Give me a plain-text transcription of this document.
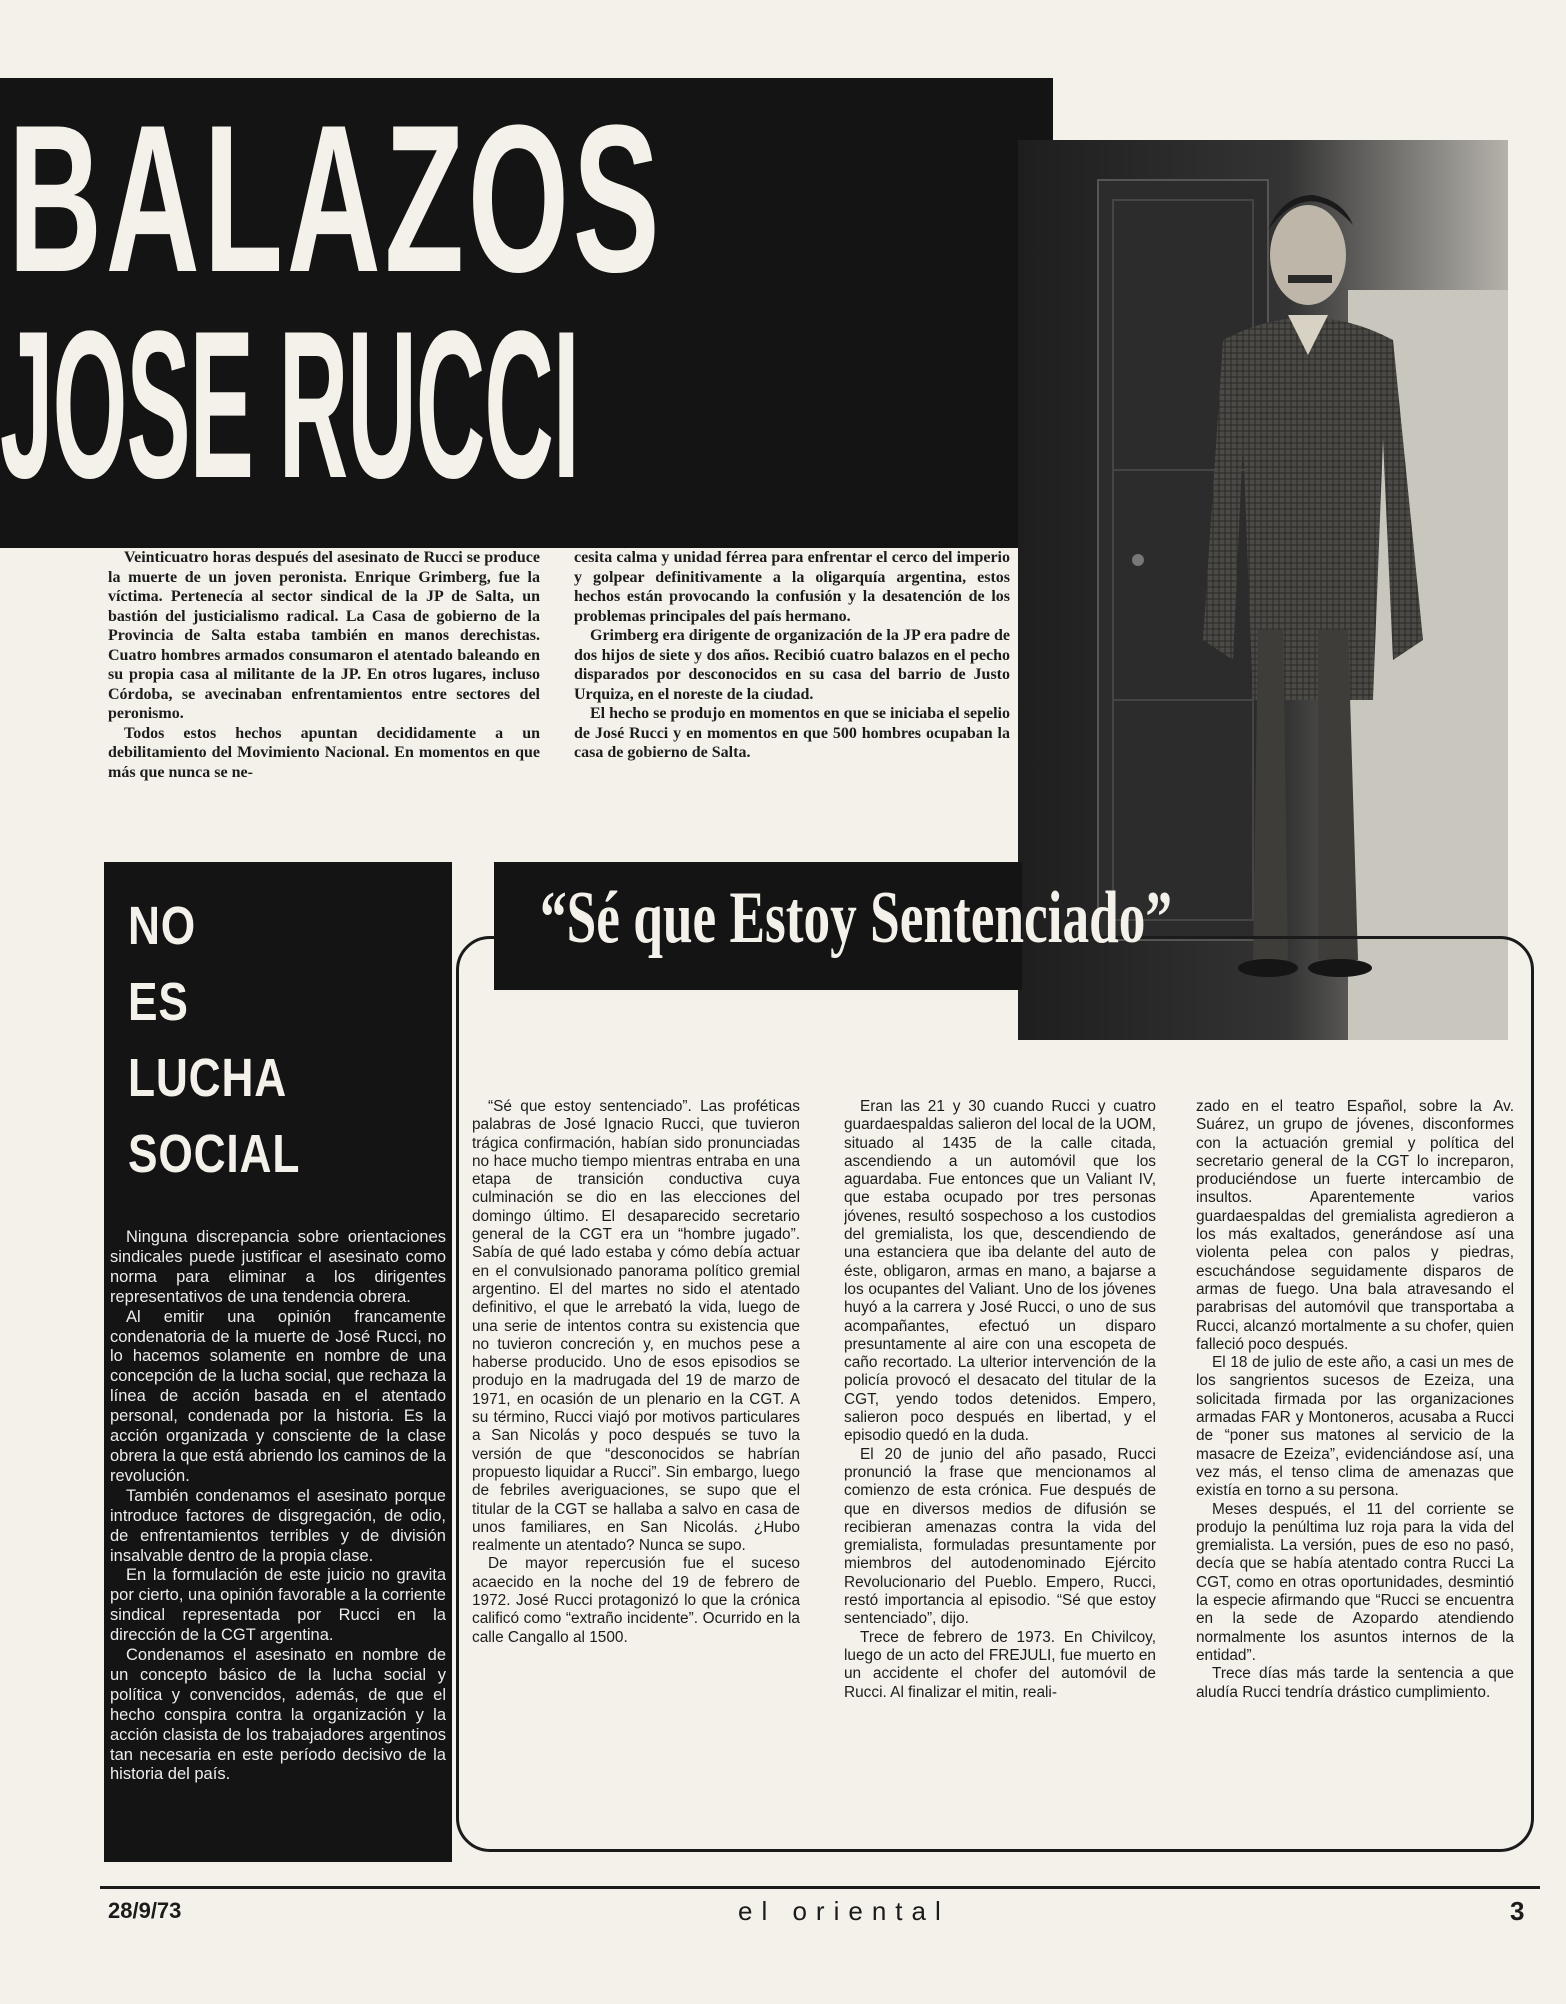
BALAZOS
JOSE RUCCI

Veinticuatro horas después del asesinato de Rucci se produce la muerte de un joven peronista. Enrique Grimberg, fue la víctima. Pertenecía al sector sindical de la JP de Salta, un bastión del justicialismo radical. La Casa de gobierno de la Provincia de Salta estaba también en manos derechistas. Cuatro hombres armados consumaron el atentado baleando en su propia casa al militante de la JP. En otros lugares, incluso Córdoba, se avecinaban enfrentamientos entre sectores del peronismo.

Todos estos hechos apuntan decididamente a un debilitamiento del Movimiento Nacional. En momentos en que más que nunca se ne-

cesita calma y unidad férrea para enfrentar el cerco del imperio y golpear definitivamente a la oligarquía argentina, estos hechos están provocando la confusión y la desatención de los problemas principales del país hermano.

Grimberg era dirigente de organización de la JP era padre de dos hijos de siete y dos años. Recibió cuatro balazos en el pecho disparados por desconocidos en su casa del barrio de Justo Urquiza, en el noreste de la ciudad.

El hecho se produjo en momentos en que se iniciaba el sepelio de José Rucci y en momentos en que 500 hombres ocupaban la casa de gobierno de Salta.

NO
ES
LUCHA
SOCIAL

Ninguna discrepancia sobre orientaciones sindicales puede justificar el asesinato como norma para eliminar a los dirigentes representativos de una tendencia obrera.

Al emitir una opinión francamente condenatoria de la muerte de José Rucci, no lo hacemos solamente en nombre de una concepción de la lucha social, que rechaza la línea de acción basada en el atentado personal, condenada por la historia. Es la acción organizada y consciente de la clase obrera la que está abriendo los caminos de la revolución.

También condenamos el asesinato porque introduce factores de disgregación, de odio, de enfrentamientos terribles y de división insalvable dentro de la propia clase.

En la formulación de este juicio no gravita por cierto, una opinión favorable a la corriente sindical representada por Rucci en la dirección de la CGT argentina.

Condenamos el asesinato en nombre de un concepto básico de la lucha social y política y convencidos, además, de que el hecho conspira contra la organización y la acción clasista de los trabajadores argentinos tan necesaria en este período decisivo de la historia del país.

“Sé que Estoy Sentenciado”

“Sé que estoy sentenciado”. Las proféticas palabras de José Ignacio Rucci, que tuvieron trágica confirmación, habían sido pronunciadas no hace mucho tiempo mientras entraba en una etapa de transición conductiva cuya culminación se dio en las elecciones del domingo último. El desaparecido secretario general de la CGT era un “hombre jugado”. Sabía de qué lado estaba y cómo debía actuar en el convulsionado panorama político gremial argentino. El del martes no sido el atentado definitivo, el que le arrebató la vida, luego de una serie de intentos contra su existencia que no tuvieron concreción y, en muchos pese a haberse producido. Uno de esos episodios se produjo en la madrugada del 19 de marzo de 1971, en ocasión de un plenario en la CGT. A su término, Rucci viajó por motivos particulares a San Nicolás y poco después se tuvo la versión de que “desconocidos se habrían propuesto liquidar a Rucci”. Sin embargo, luego de febriles averiguaciones, se supo que el titular de la CGT se hallaba a salvo en casa de unos familiares, en San Nicolás. ¿Hubo realmente un atentado? Nunca se supo.

De mayor repercusión fue el suceso acaecido en la noche del 19 de febrero de 1972. José Rucci protagonizó lo que la crónica calificó como “extraño incidente”. Ocurrido en la calle Cangallo al 1500.

Eran las 21 y 30 cuando Rucci y cuatro guardaespaldas salieron del local de la UOM, situado al 1435 de la calle citada, ascendiendo a un automóvil que los aguardaba. Fue entonces que un Valiant IV, que estaba ocupado por tres personas jóvenes, resultó sospechoso a los custodios del gremialista, los que, descendiendo de una estanciera que iba delante del auto de éste, obligaron, armas en mano, a bajarse a los ocupantes del Valiant. Uno de los jóvenes huyó a la carrera y José Rucci, o uno de sus acompañantes, efectuó un disparo presuntamente al aire con una escopeta de caño recortado. La ulterior intervención de la policía provocó el desacato del titular de la CGT, yendo todos detenidos. Empero, salieron poco después en libertad, y el episodio quedó en la duda.

El 20 de junio del año pasado, Rucci pronunció la frase que mencionamos al comienzo de esta crónica. Fue después de que en diversos medios de difusión se recibieran amenazas contra la vida del gremialista, formuladas presuntamente por miembros del autodenominado Ejército Revolucionario del Pueblo. Empero, Rucci, restó importancia al episodio. “Sé que estoy sentenciado”, dijo.

Trece de febrero de 1973. En Chivilcoy, luego de un acto del FREJULI, fue muerto en un accidente el chofer del automóvil de Rucci. Al finalizar el mitin, reali-

zado en el teatro Español, sobre la Av. Suárez, un grupo de jóvenes, disconformes con la actuación gremial y política del secretario general de la CGT lo increparon, produciéndose un fuerte intercambio de insultos. Aparentemente varios guardaespaldas del gremialista agredieron a los más exaltados, generándose así una violenta pelea con palos y piedras, escuchándose seguidamente disparos de armas de fuego. Una bala atravesando el parabrisas del automóvil que transportaba a Rucci, alcanzó mortalmente a su chofer, quien falleció poco después.

El 18 de julio de este año, a casi un mes de los sangrientos sucesos de Ezeiza, una solicitada firmada por las organizaciones armadas FAR y Montoneros, acusaba a Rucci de “poner sus matones al servicio de la masacre de Ezeiza”, evidenciándose así, una vez más, el tenso clima de amenazas que existía en torno a su persona.

Meses después, el 11 del corriente se produjo la penúltima luz roja para la vida del gremialista. La versión, pues de eso no pasó, decía que se había atentado contra Rucci La CGT, como en otras oportunidades, desmintió la especie afirmando que “Rucci se encuentra en la sede de Azopardo atendiendo normalmente los asuntos internos de la entidad”.

Trece días más tarde la sentencia a que aludía Rucci tendría drástico cumplimiento.

28/9/73	el oriental	3
